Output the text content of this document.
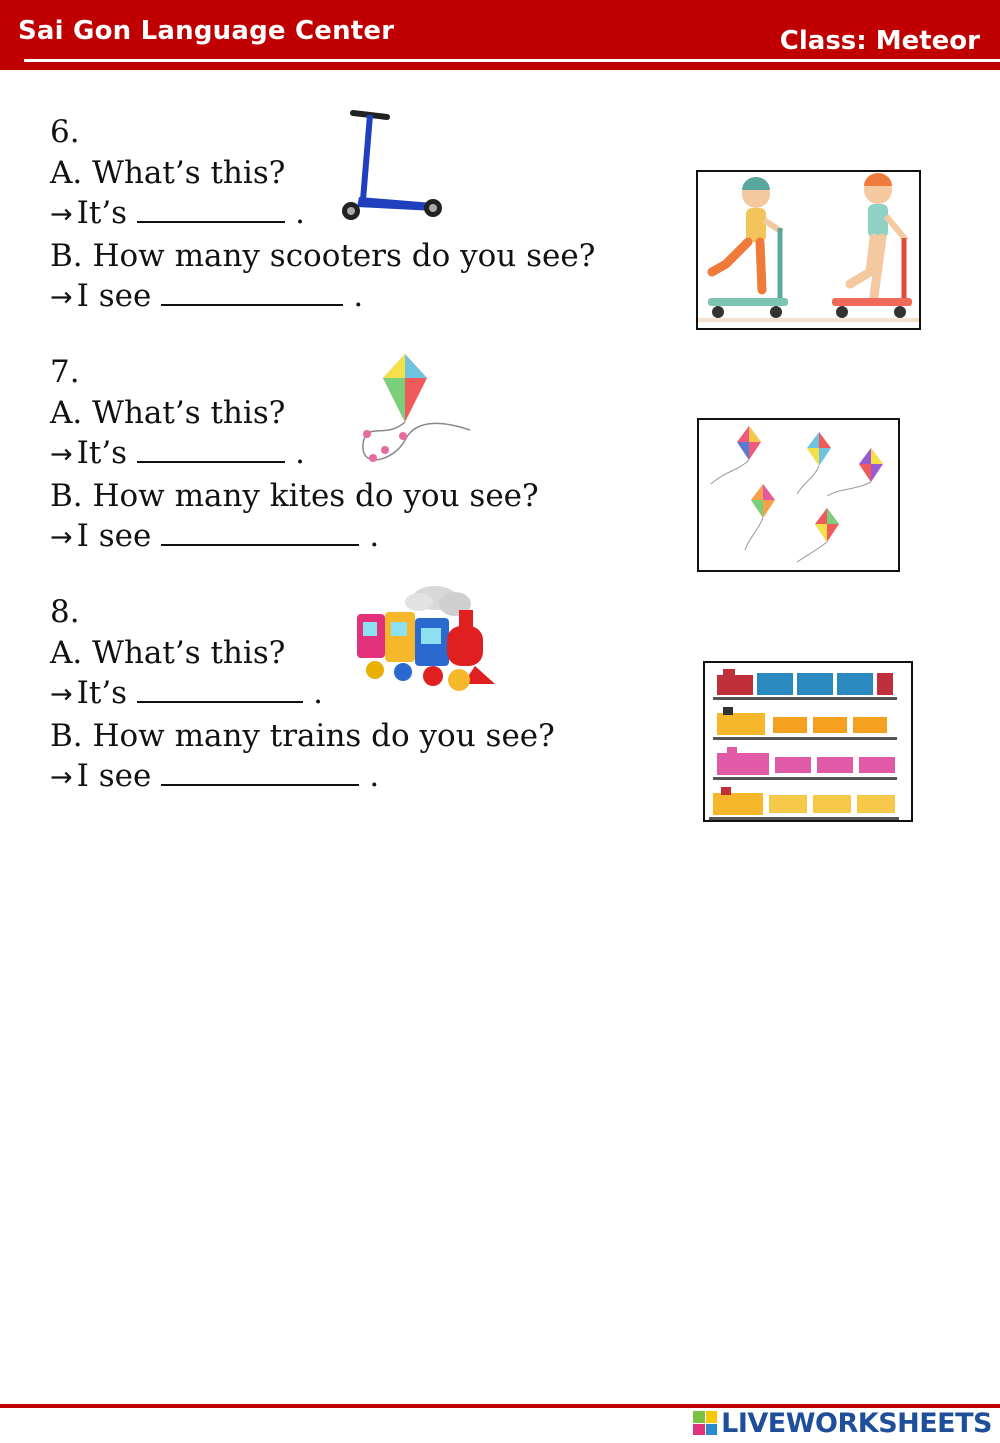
Sai Gon Language Center	Class: Meteor
6.
A. What’s this?
→ It’s	.
B. How many scooters do you see?
→ I see	.
7.
A. What’s this?
→ It’s	.
B. How many kites do you see?
→ I see	.
8.
A. What’s this?
→ It’s	.
B. How many trains do you see?
→ I see	.
LIVEWORKSHEETS
